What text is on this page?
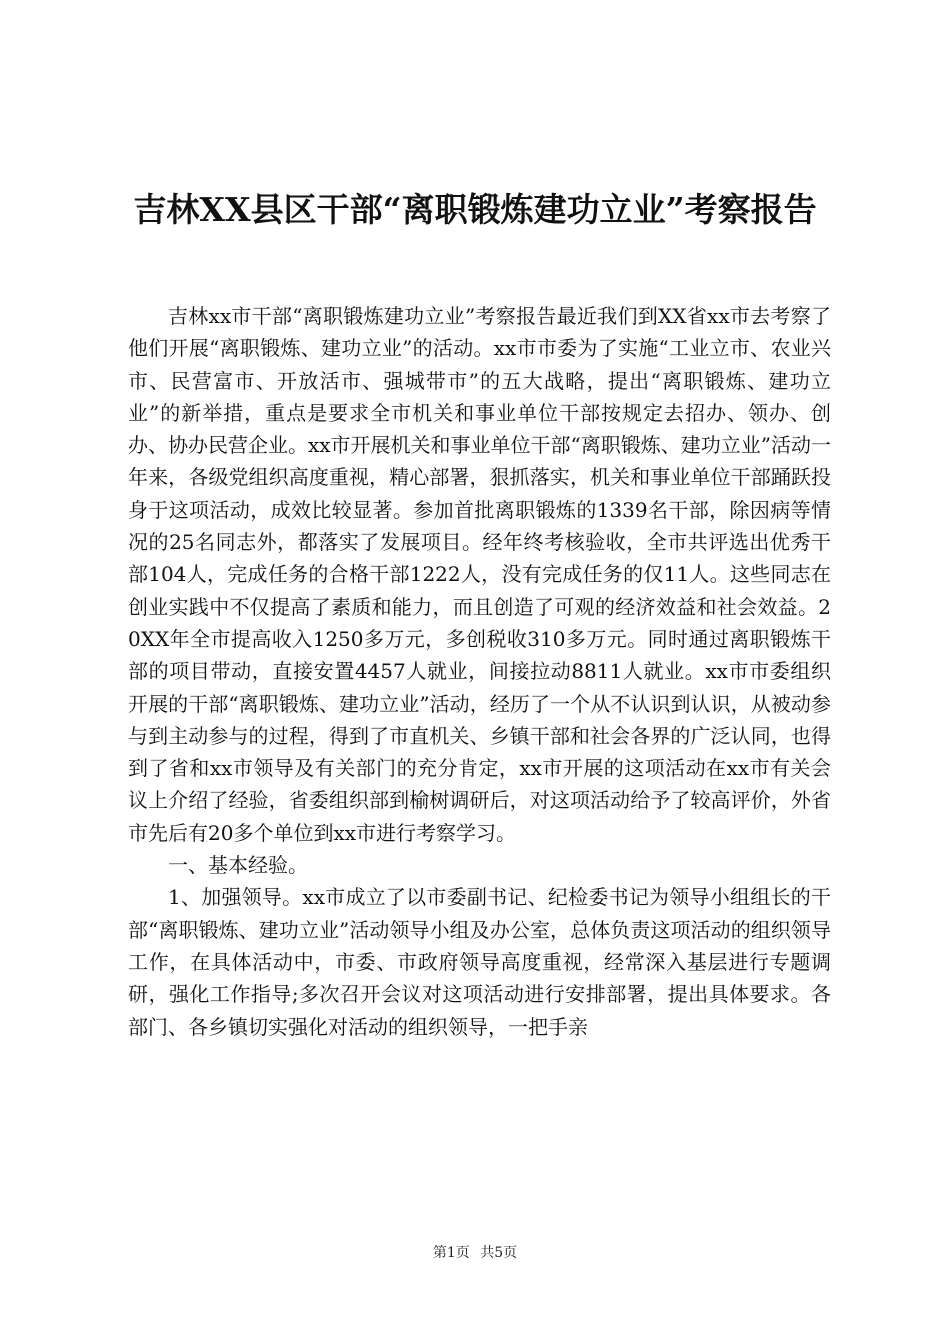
吉林XX县区干部“离职锻炼建功立业”考察报告

吉林xx市干部“离职锻炼建功立业”考察报告最近我们到XX省xx市去考察了他们开展“离职锻炼、建功立业”的活动。xx市市委为了实施“工业立市、农业兴市、民营富市、开放活市、强城带市”的五大战略，提出“离职锻炼、建功立业”的新举措，重点是要求全市机关和事业单位干部按规定去招办、领办、创办、协办民营企业。xx市开展机关和事业单位干部“离职锻炼、建功立业”活动一年来，各级党组织高度重视，精心部署，狠抓落实，机关和事业单位干部踊跃投身于这项活动，成效比较显著。参加首批离职锻炼的1339名干部，除因病等情况的25名同志外，都落实了发展项目。经年终考核验收，全市共评选出优秀干部104人，完成任务的合格干部1222人，没有完成任务的仅11人。这些同志在创业实践中不仅提高了素质和能力，而且创造了可观的经济效益和社会效益。20XX年全市提高收入1250多万元，多创税收310多万元。同时通过离职锻炼干部的项目带动，直接安置4457人就业，间接拉动8811人就业。xx市市委组织开展的干部“离职锻炼、建功立业”活动，经历了一个从不认识到认识，从被动参与到主动参与的过程，得到了市直机关、乡镇干部和社会各界的广泛认同，也得到了省和xx市领导及有关部门的充分肯定，xx市开展的这项活动在xx市有关会议上介绍了经验，省委组织部到榆树调研后，对这项活动给予了较高评价，外省市先后有20多个单位到xx市进行考察学习。

一、基本经验。

1、加强领导。xx市成立了以市委副书记、纪检委书记为领导小组组长的干部“离职锻炼、建功立业”活动领导小组及办公室，总体负责这项活动的组织领导工作，在具体活动中，市委、市政府领导高度重视，经常深入基层进行专题调研，强化工作指导;多次召开会议对这项活动进行安排部署，提出具体要求。各部门、各乡镇切实强化对活动的组织领导，一把手亲

第1页 共5页
